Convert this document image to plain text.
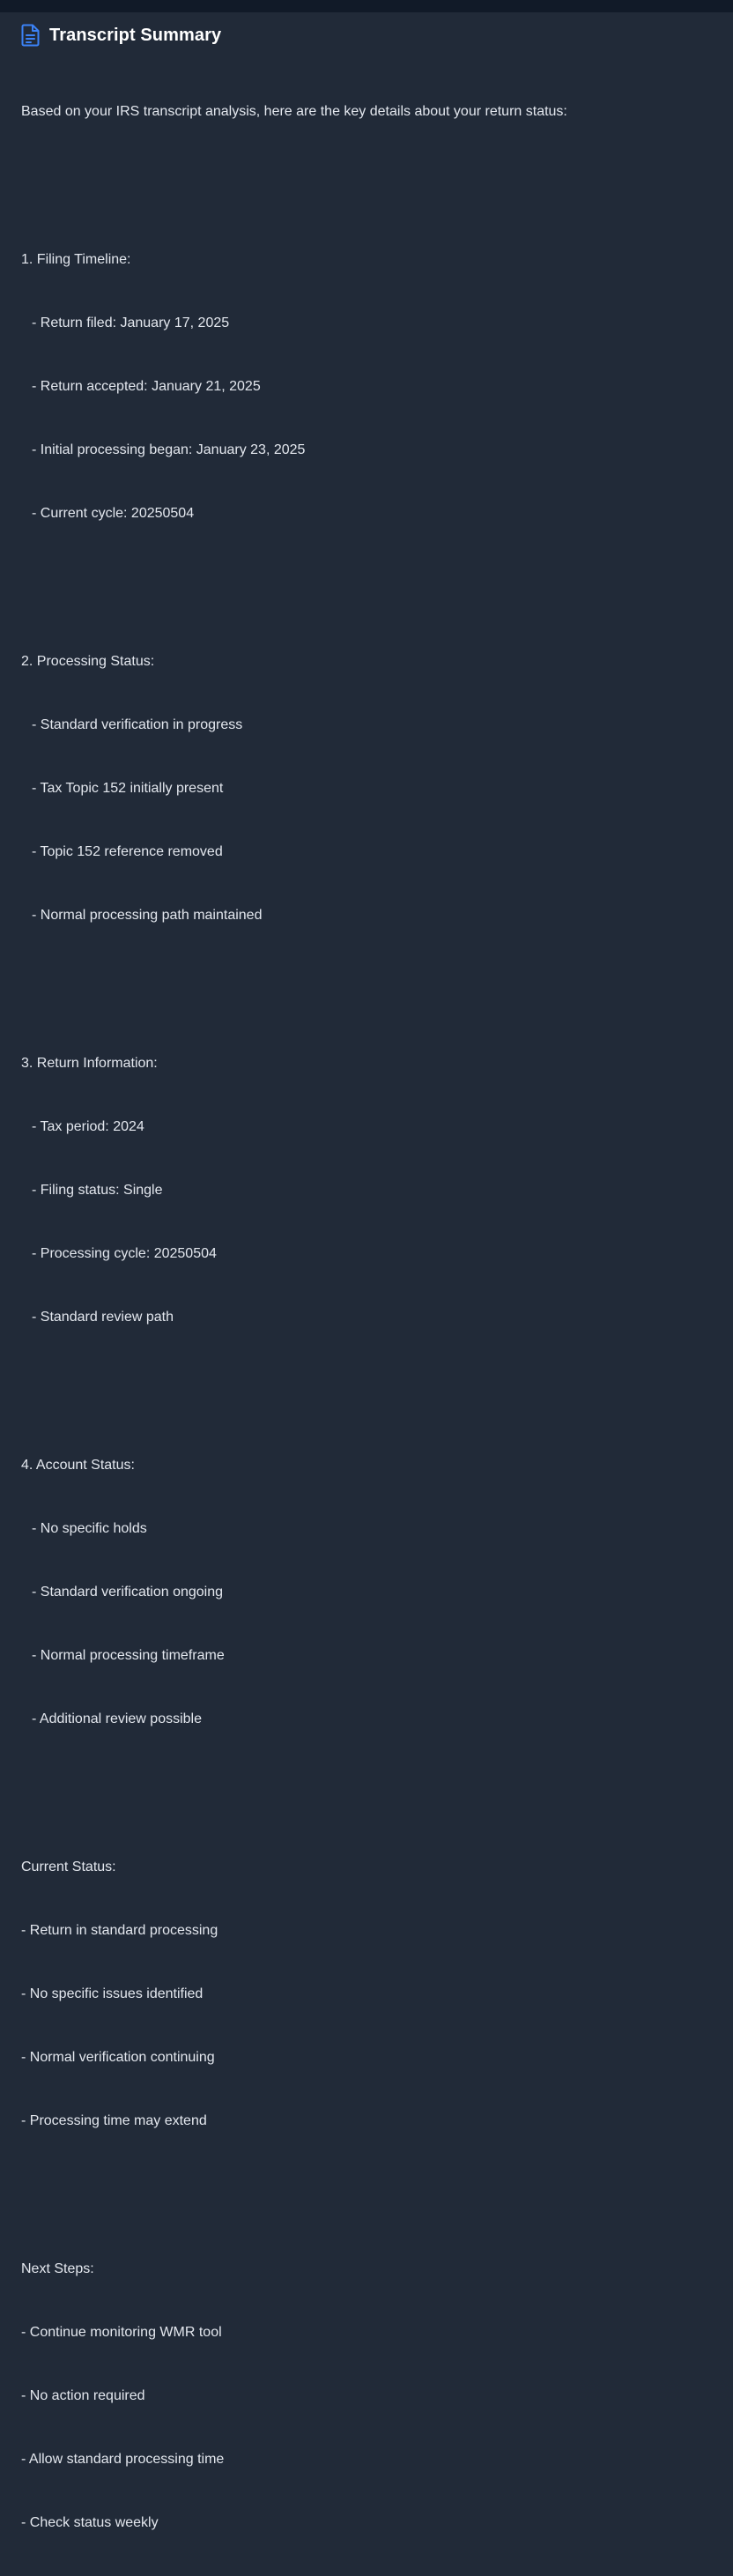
Transcript Summary

Based on your IRS transcript analysis, here are the key details about your return status:

1. Filing Timeline:

- Return filed: January 17, 2025

- Return accepted: January 21, 2025

- Initial processing began: January 23, 2025

- Current cycle: 20250504

2. Processing Status:

- Standard verification in progress

- Tax Topic 152 initially present

- Topic 152 reference removed

- Normal processing path maintained

3. Return Information:

- Tax period: 2024

- Filing status: Single

- Processing cycle: 20250504

- Standard review path

4. Account Status:

- No specific holds

- Standard verification ongoing

- Normal processing timeframe

- Additional review possible

Current Status:

- Return in standard processing

- No specific issues identified

- Normal verification continuing

- Processing time may extend

Next Steps:

- Continue monitoring WMR tool

- No action required

- Allow standard processing time

- Check status weekly
